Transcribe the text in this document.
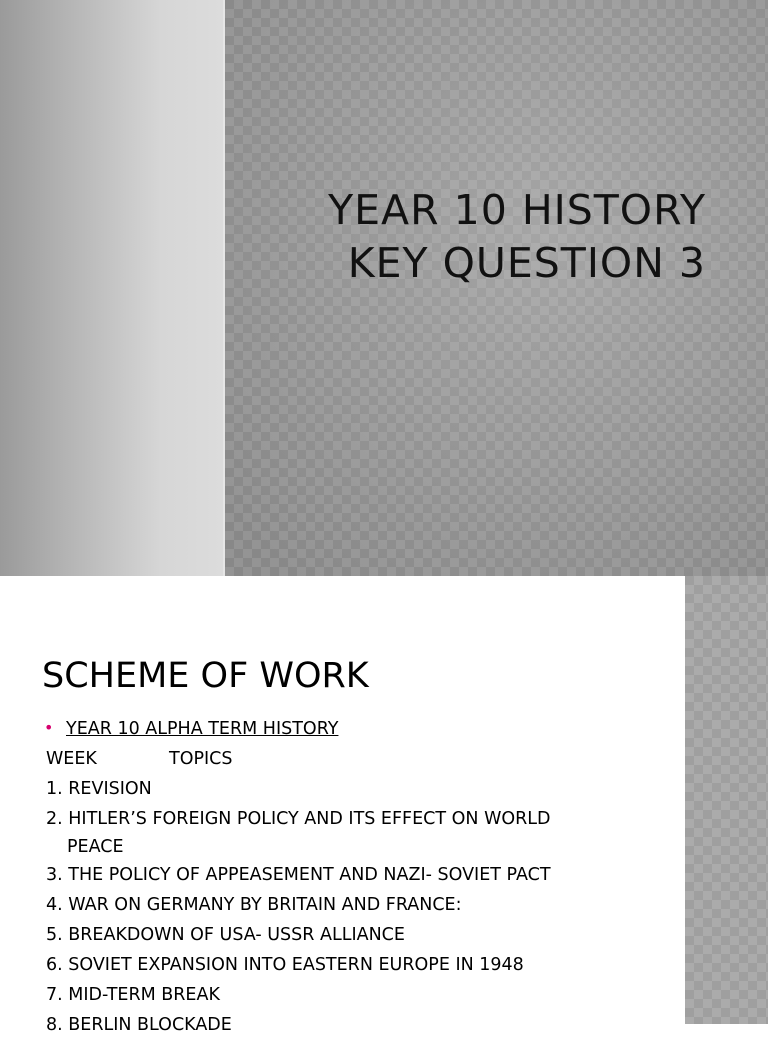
YEAR 10 HISTORY
KEY QUESTION 3
SCHEME OF WORK
• YEAR 10 ALPHA TERM HISTORY
WEEK	TOPICS
1. REVISION
2. HITLER’S FOREIGN POLICY AND ITS EFFECT ON WORLD
PEACE
3. THE POLICY OF APPEASEMENT AND NAZI- SOVIET PACT
4. WAR ON GERMANY BY BRITAIN AND FRANCE:
5. BREAKDOWN OF USA- USSR ALLIANCE
6. SOVIET EXPANSION INTO EASTERN EUROPE IN 1948
7. MID-TERM BREAK
8. BERLIN BLOCKADE
